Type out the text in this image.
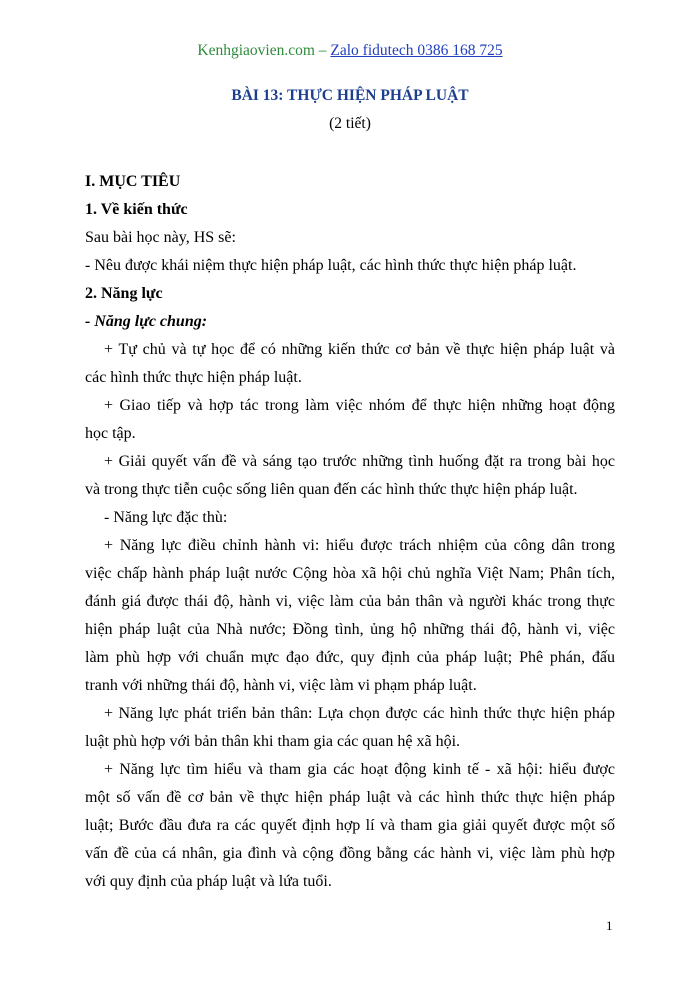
Kenhgiaovien.com – Zalo fidutech 0386 168 725
BÀI 13: THỰC HIỆN PHÁP LUẬT
(2 tiết)
I. MỤC TIÊU
1. Về kiến thức
Sau bài học này, HS sẽ:
- Nêu được khái niệm thực hiện pháp luật, các hình thức thực hiện pháp luật.
2. Năng lực
- Năng lực chung:
+ Tự chủ và tự học để có những kiến thức cơ bản về thực hiện pháp luật và
các hình thức thực hiện pháp luật.
+ Giao tiếp và hợp tác trong làm việc nhóm để thực hiện những hoạt động
học tập.
+ Giải quyết vấn đề và sáng tạo trước những tình huống đặt ra trong bài học
và trong thực tiễn cuộc sống liên quan đến các hình thức thực hiện pháp luật.
- Năng lực đặc thù:
+ Năng lực điều chỉnh hành vi: hiểu được trách nhiệm của công dân trong
việc chấp hành pháp luật nước Cộng hòa xã hội chủ nghĩa Việt Nam; Phân tích,
đánh giá được thái độ, hành vi, việc làm của bản thân và người khác trong thực
hiện pháp luật của Nhà nước; Đồng tình, ủng hộ những thái độ, hành vi, việc
làm phù hợp với chuẩn mực đạo đức, quy định của pháp luật; Phê phán, đấu
tranh với những thái độ, hành vi, việc làm vi phạm pháp luật.
+ Năng lực phát triển bản thân: Lựa chọn được các hình thức thực hiện pháp
luật phù hợp với bản thân khi tham gia các quan hệ xã hội.
+ Năng lực tìm hiểu và tham gia các hoạt động kinh tế - xã hội: hiểu được
một số vấn đề cơ bản về thực hiện pháp luật và các hình thức thực hiện pháp
luật; Bước đầu đưa ra các quyết định hợp lí và tham gia giải quyết được một số
vấn đề của cá nhân, gia đình và cộng đồng bằng các hành vi, việc làm phù hợp
với quy định của pháp luật và lứa tuổi.
1
